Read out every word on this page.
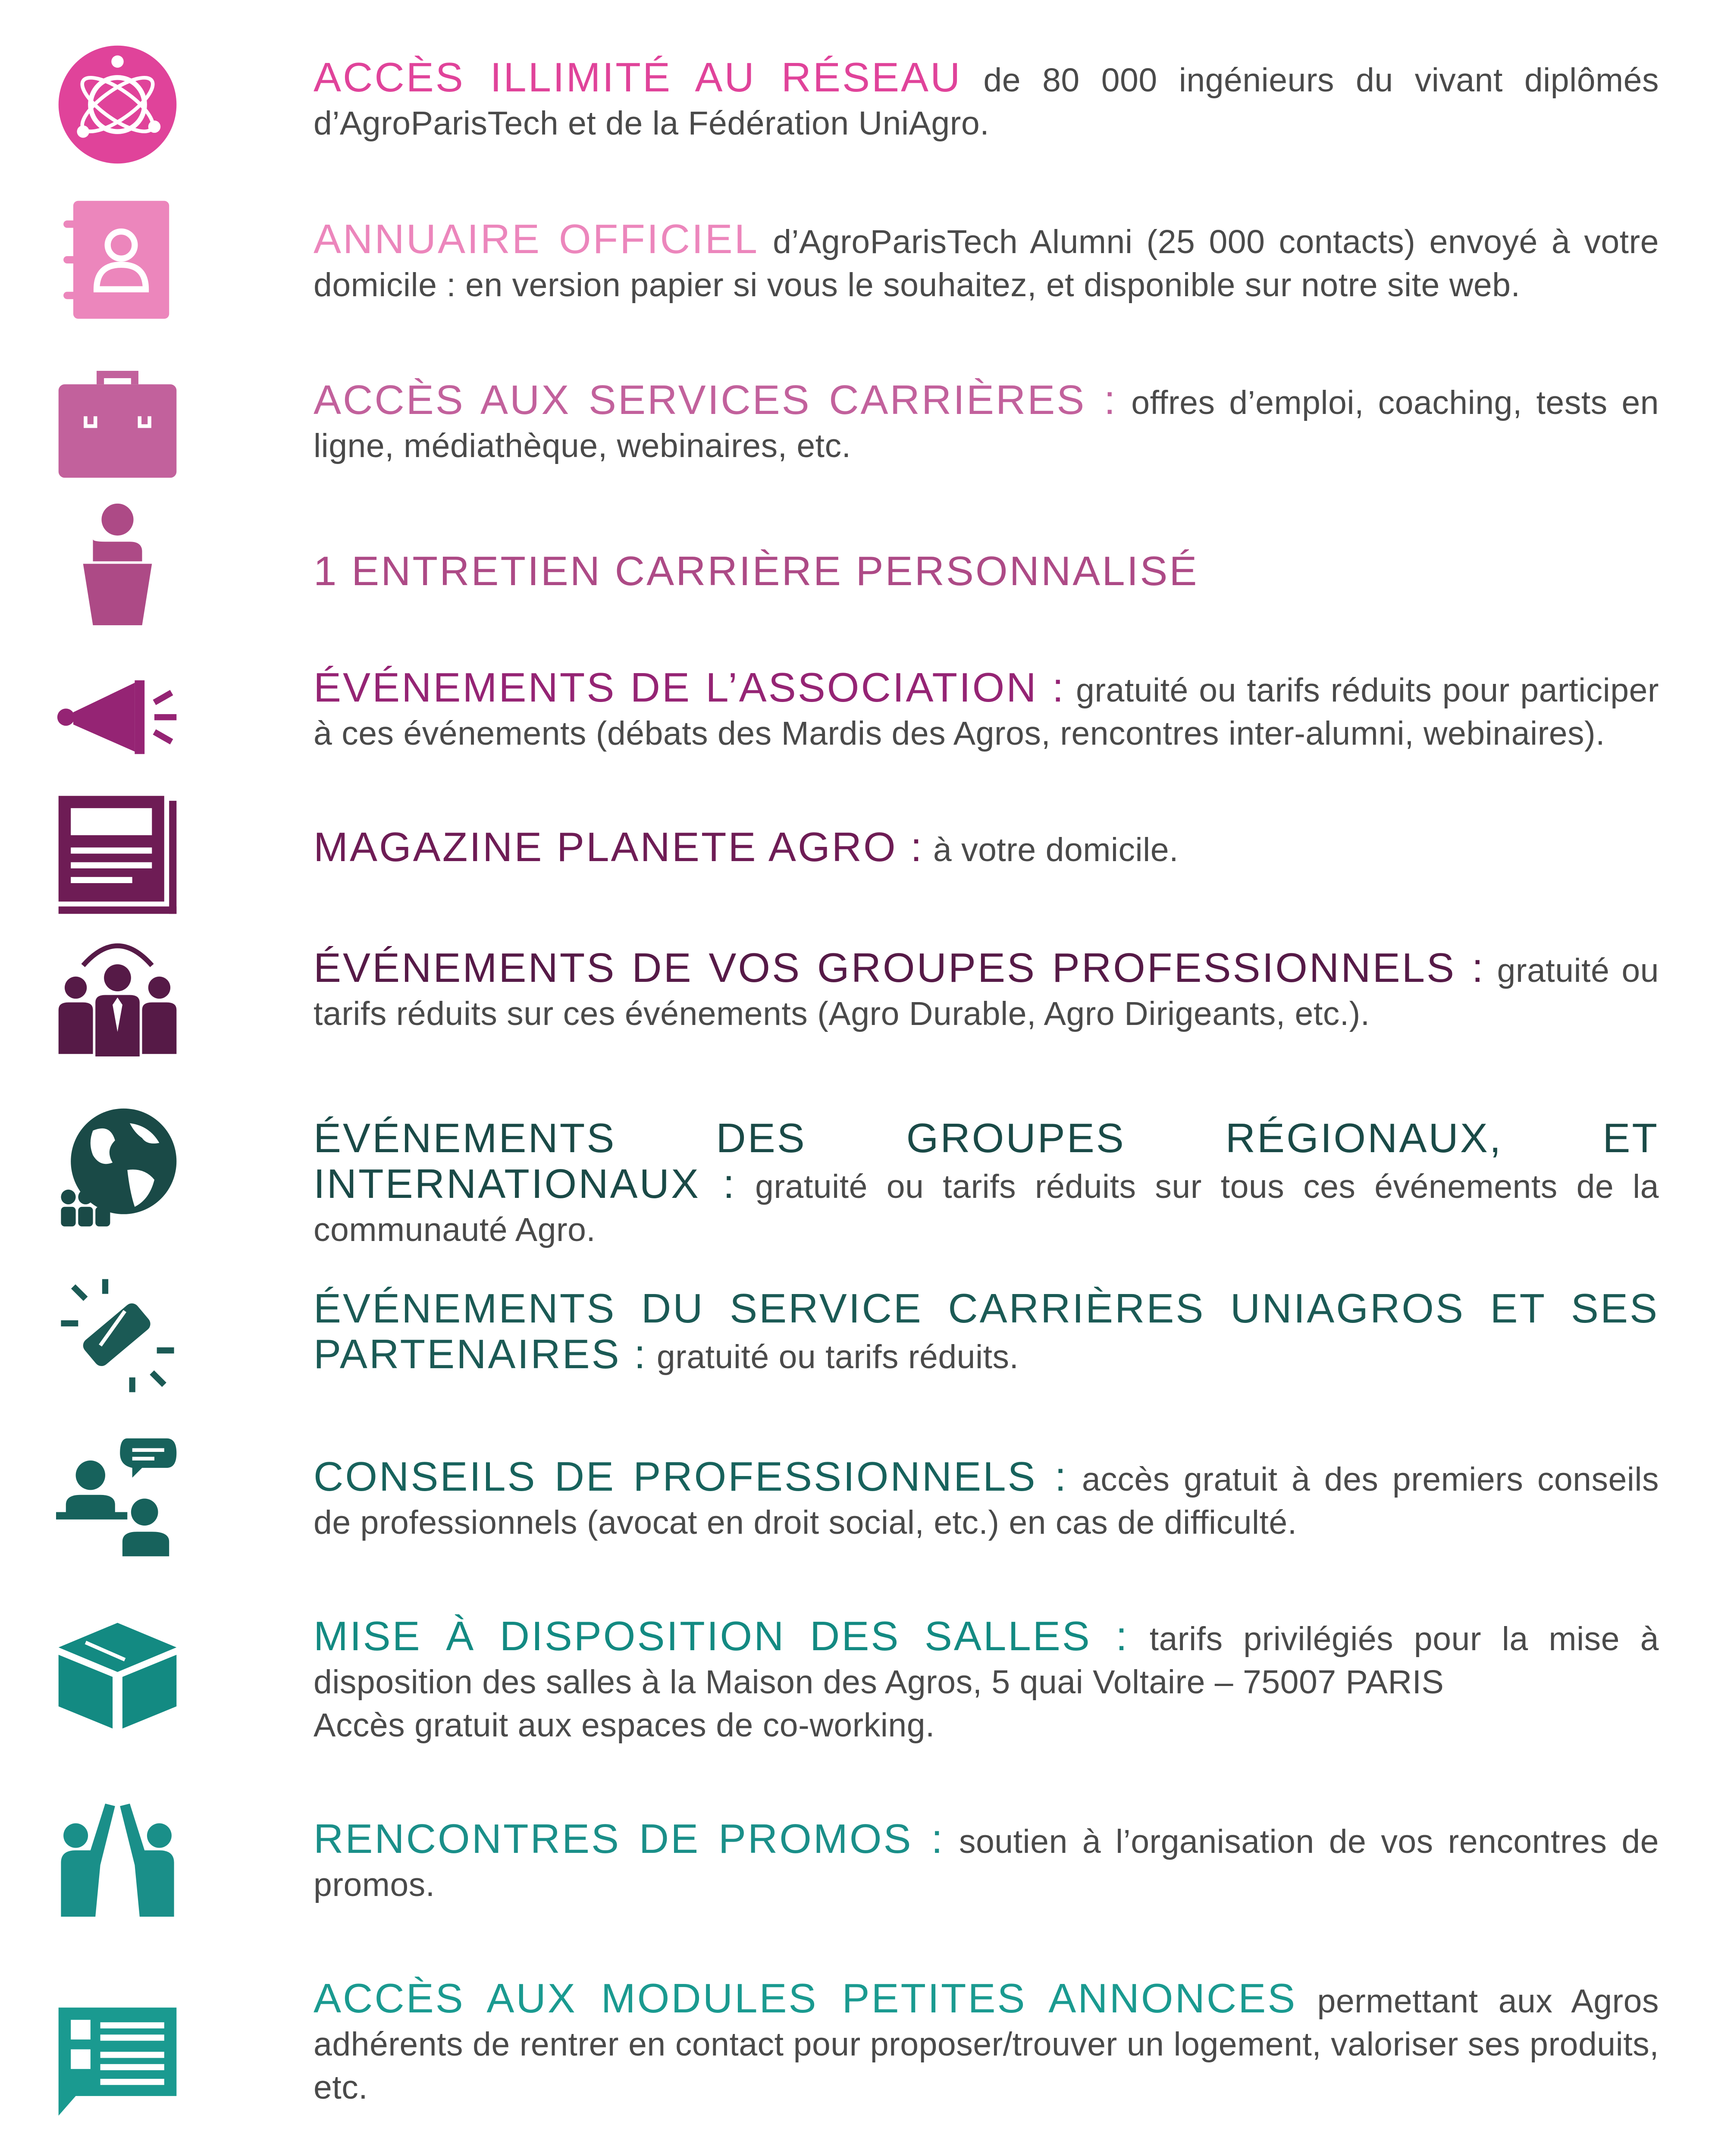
ACCÈS ILLIMITÉ AU RÉSEAU de 80 000 ingénieurs du vivant diplômés d’AgroParisTech et de la Fédération UniAgro.
ANNUAIRE OFFICIEL d’AgroParisTech Alumni (25 000 contacts) envoyé à votre domicile : en version papier si vous le souhaitez, et disponible sur notre site web.
ACCÈS AUX SERVICES CARRIÈRES : offres d’emploi, coaching, tests en ligne, médiathèque, webinaires, etc.
1 ENTRETIEN CARRIÈRE PERSONNALISÉ
ÉVÉNEMENTS DE L’ASSOCIATION : gratuité ou tarifs réduits pour participer à ces événements (débats des Mardis des Agros, rencontres inter-alumni, webinaires).
MAGAZINE PLANETE AGRO : à votre domicile.
ÉVÉNEMENTS DE VOS GROUPES PROFESSIONNELS : gratuité ou tarifs réduits sur ces événements (Agro Durable, Agro Dirigeants, etc.).
ÉVÉNEMENTS DES GROUPES RÉGIONAUX, ET INTERNATIONAUX : gratuité ou tarifs réduits sur tous ces événements de la communauté Agro.
ÉVÉNEMENTS DU SERVICE CARRIÈRES UNIAGROS ET SES PARTENAIRES : gratuité ou tarifs réduits.
CONSEILS DE PROFESSIONNELS : accès gratuit à des premiers conseils de professionnels (avocat en droit social, etc.) en cas de difficulté.
MISE À DISPOSITION DES SALLES : tarifs privilégiés pour la mise à disposition des salles à la Maison des Agros, 5 quai Voltaire – 75007 PARIS
Accès gratuit aux espaces de co-working.
RENCONTRES DE PROMOS : soutien à l’organisation de vos rencontres de promos.
ACCÈS AUX MODULES PETITES ANNONCES permettant aux Agros adhérents de rentrer en contact pour proposer/trouver un logement, valoriser ses produits, etc.
